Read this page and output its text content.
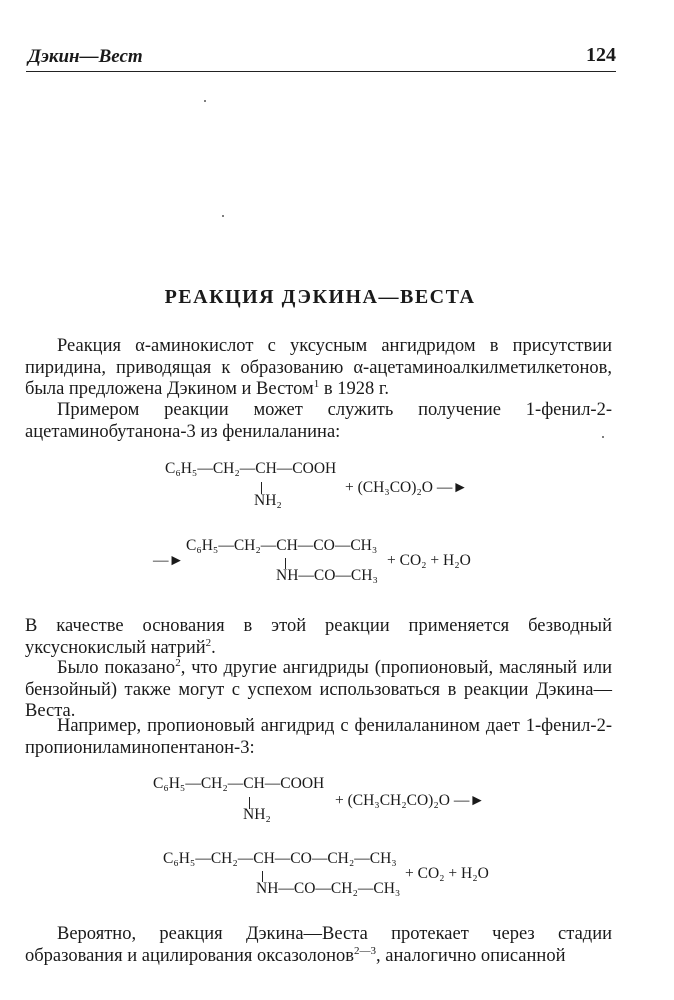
Дэкин—Вест	124
РЕАКЦИЯ ДЭКИНА—ВЕСТА
Реакция α-аминокислот с уксусным ангидридом в присутствии пиридина, приводящая к образованию α-ацетаминоалкилметилкетонов, была предложена Дэкином и Вестом$^1$ в 1928 г.
Примером реакции может служить получение 1-фенил-2-ацетаминобутанона-3 из фенилаланина:
C₆H₅—CH₂—CH—COOH
NH₂
+ (CH₃CO)₂O —►
—►
C₆H₅—CH₂—CH—CO—CH₃
NH—CO—CH₃
+ CO₂ + H₂O
В качестве основания в этой реакции применяется безводный уксуснокислый натрий$^2$.
Было показано$^2$, что другие ангидриды (пропионовый, масляный или бензойный) также могут с успехом использоваться в реакции Дэкина—Веста.
Например, пропионовый ангидрид с фенилаланином дает 1-фенил-2-пропиониламинопентанон-3:
C₆H₅—CH₂—CH—COOH
NH₂
+ (CH₃CH₂CO)₂O —►
C₆H₅—CH₂—CH—CO—CH₂—CH₃
NH—CO—CH₂—CH₃
+ CO₂ + H₂O
Вероятно, реакция Дэкина—Веста протекает через стадии образования и ацилирования оксазолонов$^{2—3}$, аналогично описанной
